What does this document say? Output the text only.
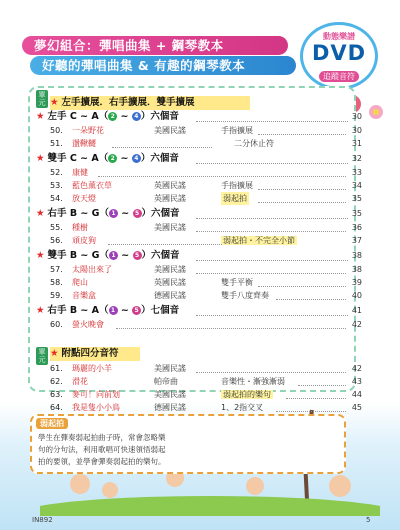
夢幻組合：彈唱曲集 + 鋼琴教本
好聽的彈唱曲集 & 有趣的鋼琴教本
動態樂譜
DVD
追蹤音符
單元
單元
★ 左手擴展．右手擴展．雙手擴展
★ 左手 C ~ A（ 2 ~ 4 ）六個音	30
50. 一朵野花	美國民謠	手指擴展	30
51. 盪鞦韆	二分休止符	31
★ 雙手 C ~ A（ 2 ~ 4 ）六個音	32
52. 康健	33
53. 藍色薰衣草	英國民謠	手指擴展	34
54. 放天燈	英國民謠	弱起拍	35
★ 右手 B ~ G（ 1 ~ 5 ）六個音	35
55. 種樹	美國民謠	36
56. 頑皮狗	弱起拍・不完全小節	37
★ 雙手 B ~ G（ 1 ~ 5 ）六個音	38
57. 太陽出來了	美國民謠	38
58. 爬山	英國民謠	雙手平衡	39
59. 音樂盒	德國民謠	雙手八度齊奏	40
★ 右手 B ~ A（ 1 ~ 5 ）七個音	41
60. 螢火晚會	42
★ 附點四分音符
61. 瑪麗的小羊	美國民謠	42
62. 滑花	帕帝曲	音樂性・漸強漸弱	43
63. 麥可！向前划	美國民謠	弱起拍的樂句	44
弱起拍
學生在彈奏弱起拍曲子時，常會忽略樂
句的分句法，利用歌唱可快速領悟弱起
拍的要領，並學會彈奏弱起拍的樂句。
64. 我是隻小小鳥	德國民謠	1、2指交叉	45
IN892	5
